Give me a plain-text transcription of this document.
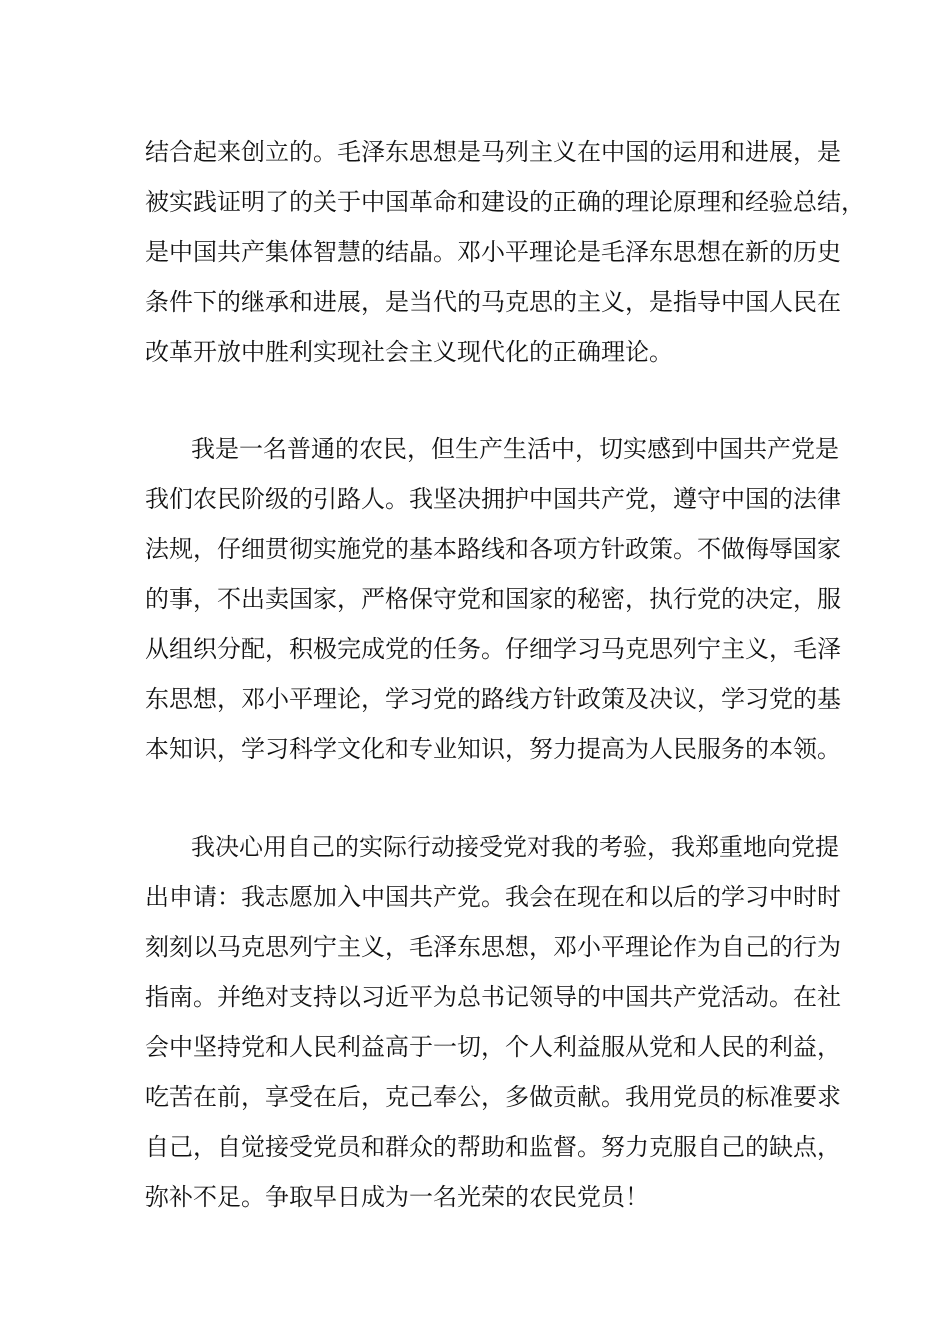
结合起来创立的。毛泽东思想是马列主义在中国的运用和进展，是
被实践证明了的关于中国革命和建设的正确的理论原理和经验总结，
是中国共产集体智慧的结晶。邓小平理论是毛泽东思想在新的历史
条件下的继承和进展，是当代的马克思的主义，是指导中国人民在
改革开放中胜利实现社会主义现代化的正确理论。
我是一名普通的农民，但生产生活中，切实感到中国共产党是
我们农民阶级的引路人。我坚决拥护中国共产党，遵守中国的法律
法规，仔细贯彻实施党的基本路线和各项方针政策。不做侮辱国家
的事，不出卖国家，严格保守党和国家的秘密，执行党的决定，服
从组织分配，积极完成党的任务。仔细学习马克思列宁主义，毛泽
东思想，邓小平理论，学习党的路线方针政策及决议，学习党的基
本知识，学习科学文化和专业知识，努力提高为人民服务的本领。
我决心用自己的实际行动接受党对我的考验，我郑重地向党提
出申请：我志愿加入中国共产党。我会在现在和以后的学习中时时
刻刻以马克思列宁主义，毛泽东思想，邓小平理论作为自己的行为
指南。并绝对支持以习近平为总书记领导的中国共产党活动。在社
会中坚持党和人民利益高于一切，个人利益服从党和人民的利益，
吃苦在前，享受在后，克己奉公，多做贡献。我用党员的标准要求
自己，自觉接受党员和群众的帮助和监督。努力克服自己的缺点，
弥补不足。争取早日成为一名光荣的农民党员！
